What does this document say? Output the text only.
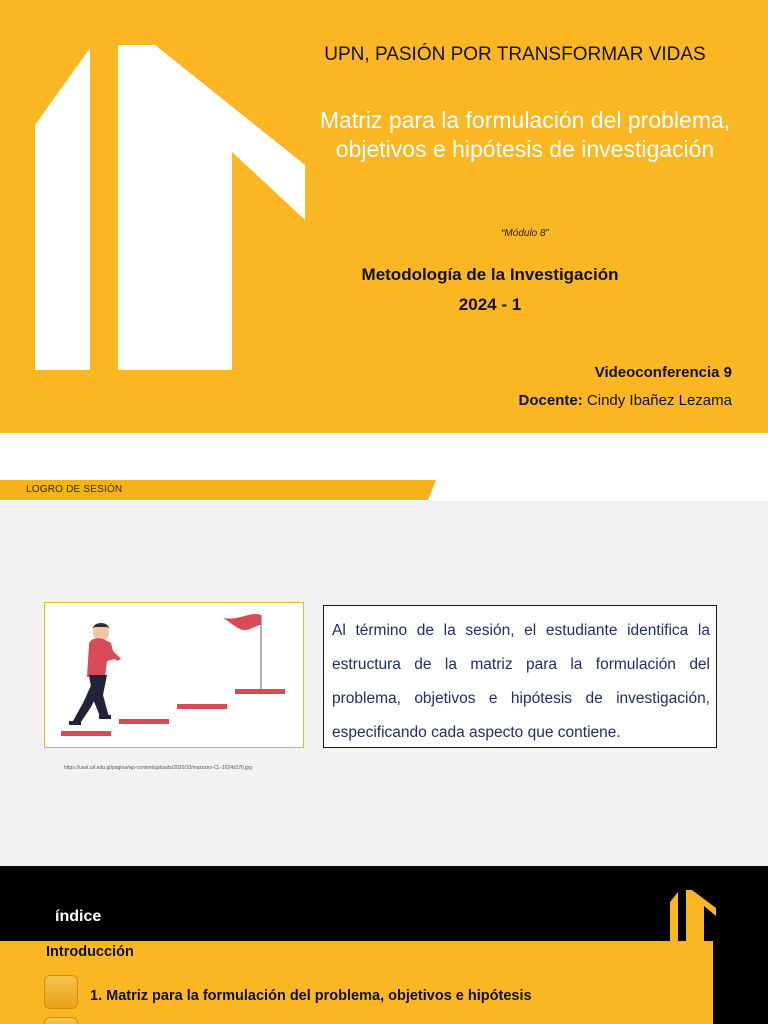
UPN, PASIÓN POR TRANSFORMAR VIDAS
Matriz para la formulación del problema, objetivos e hipótesis de investigación
“Módulo 8”
Metodología de la Investigación
2024 - 1
Videoconferencia 9
Docente: Cindy Ibañez Lezama
LOGRO DE SESIÓN
https://uvat.url.edu.gt/pagina/wp-content/uploads/2020/10/marzano-CL-1024x576.jpg
Al término de la sesión, el estudiante identifica la estructura de la matriz para la formulación del problema, objetivos e hipótesis de investigación, especificando cada aspecto que contiene.
índice
Introducción
1. Matriz para la formulación del problema, objetivos e hipótesis
